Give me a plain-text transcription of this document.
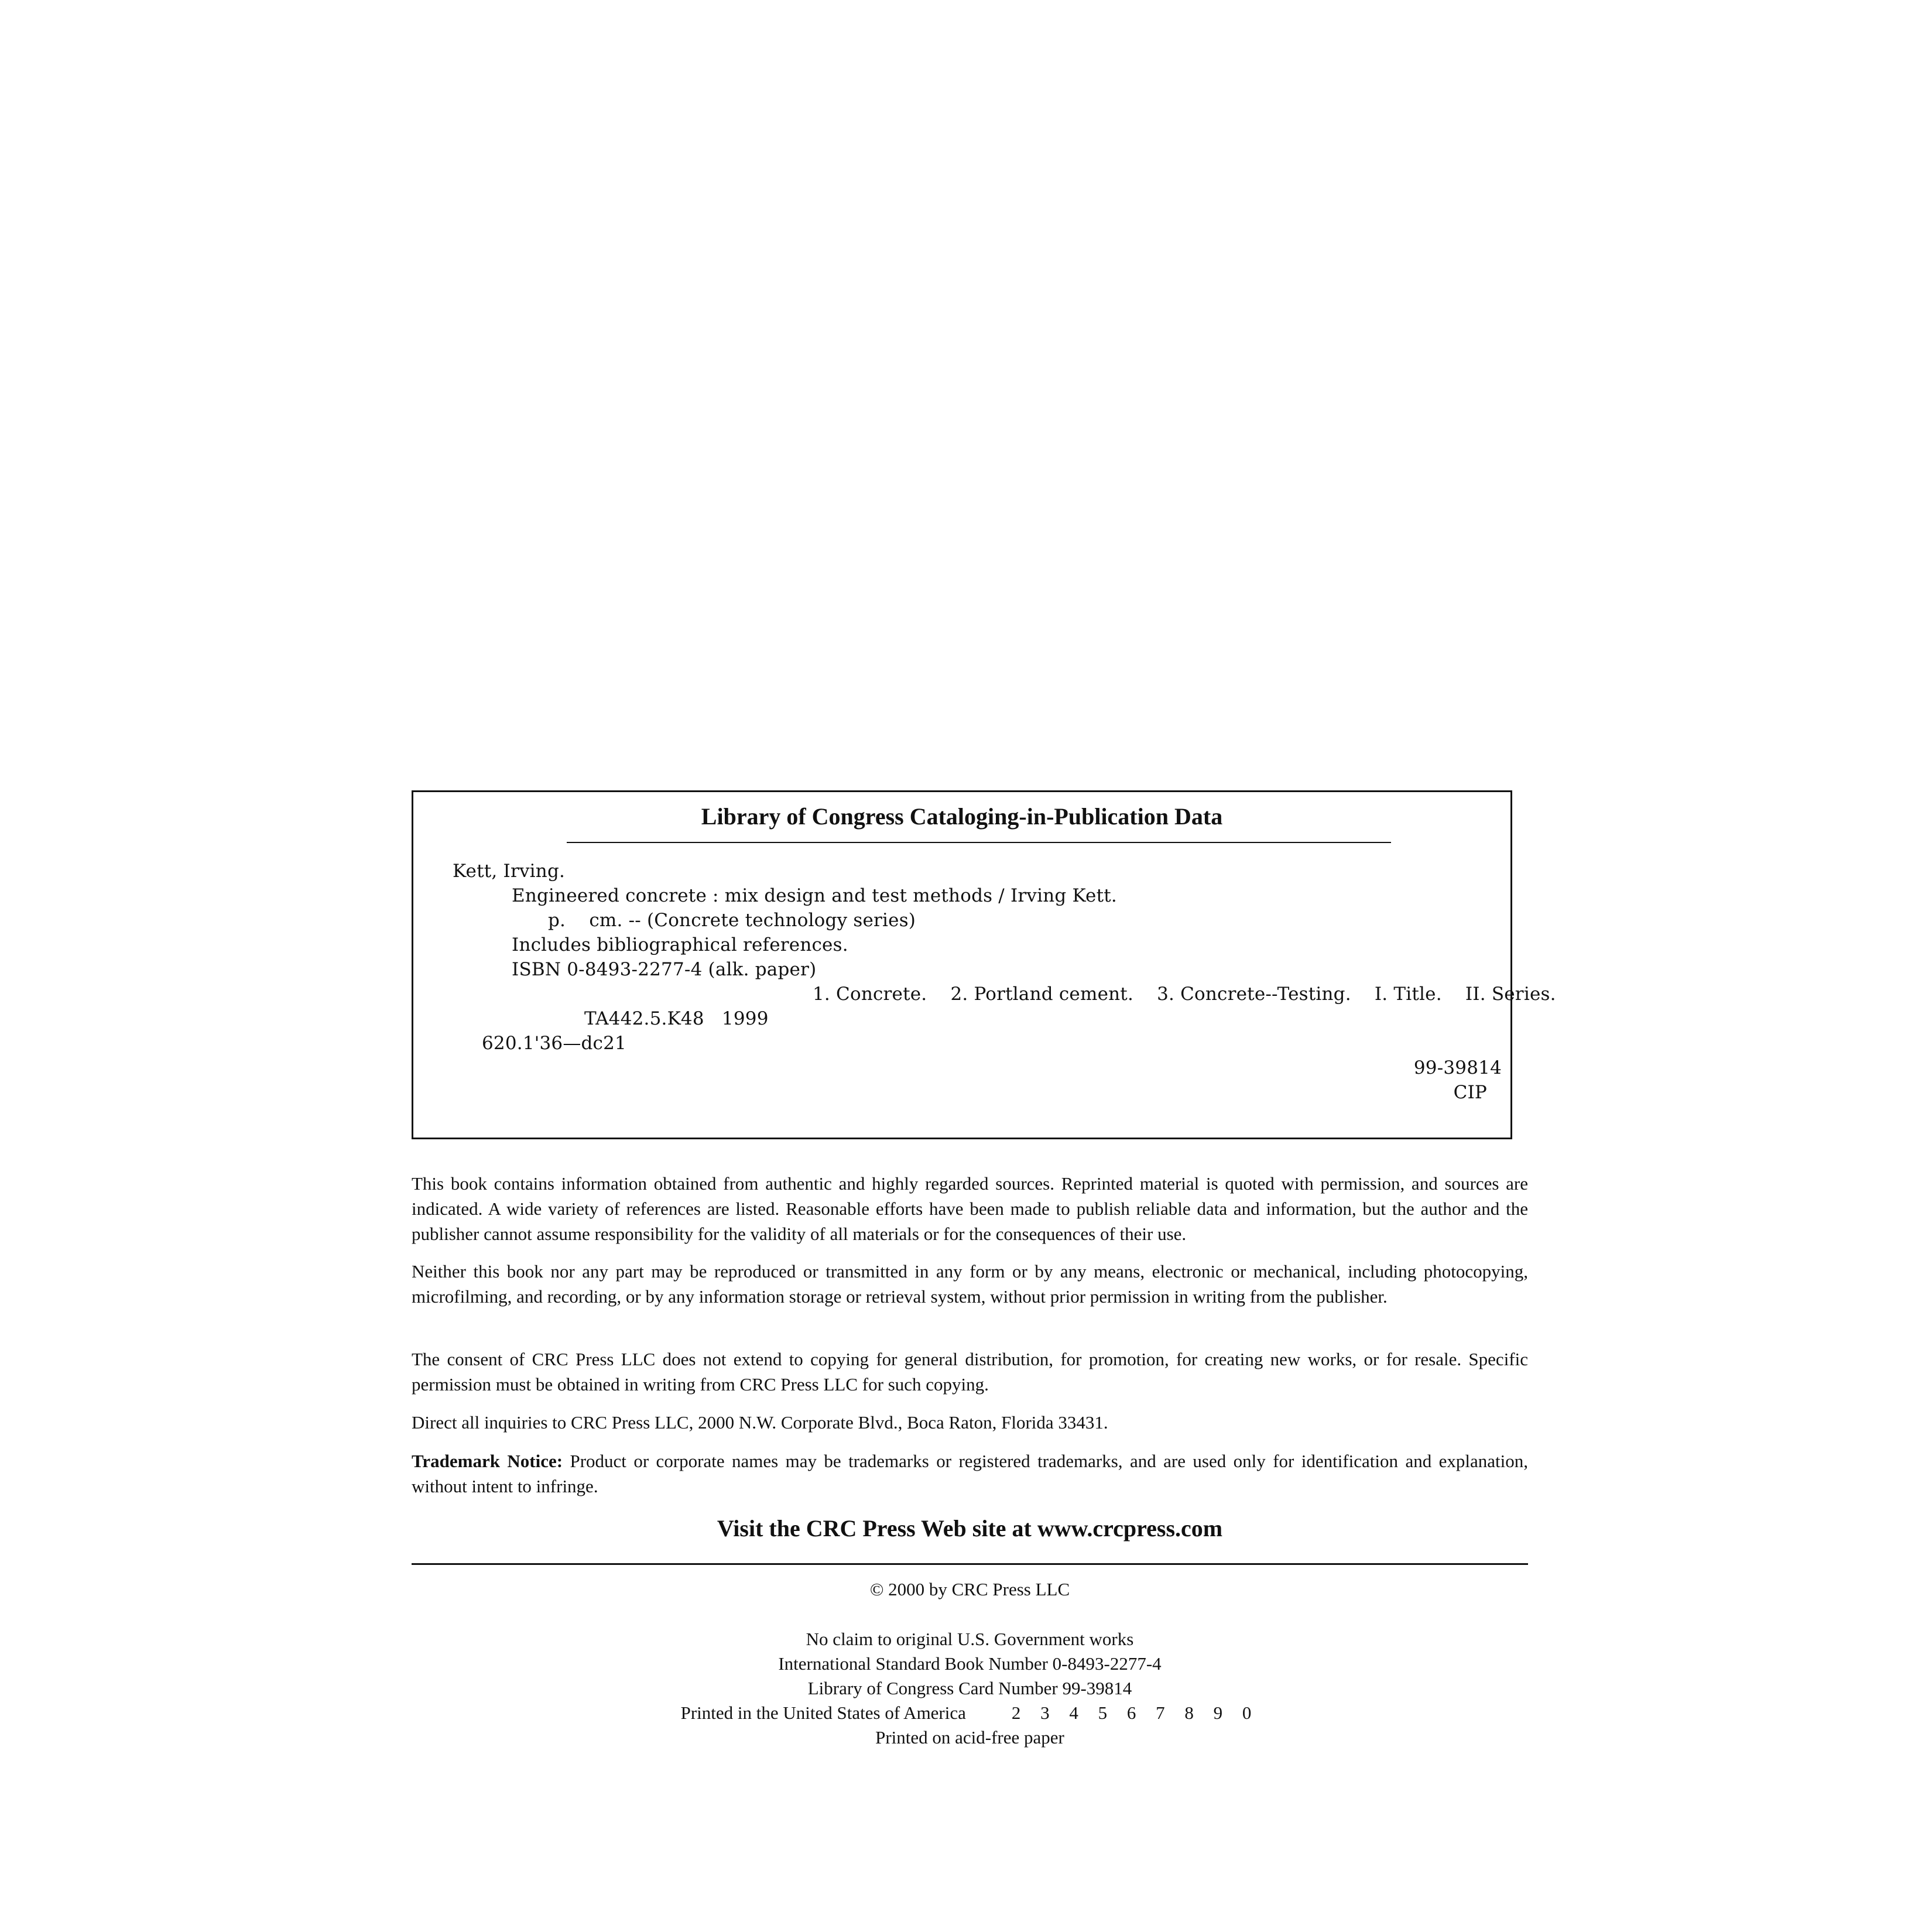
Library of Congress Cataloging-in-Publication Data
Kett, Irving.
Engineered concrete : mix design and test methods / Irving Kett.
p.    cm. -- (Concrete technology series)
Includes bibliographical references.
ISBN 0-8493-2277-4 (alk. paper)
1. Concrete. 2. Portland cement. 3. Concrete--Testing. I. Title. II. Series.
TA442.5.K48   1999
620.1'36—dc21
99-39814
CIP

This book contains information obtained from authentic and highly regarded sources. Reprinted material is quoted with permission, and sources are indicated. A wide variety of references are listed. Reasonable efforts have been made to publish reliable data and information, but the author and the publisher cannot assume responsibility for the validity of all materials or for the consequences of their use.

Neither this book nor any part may be reproduced or transmitted in any form or by any means, electronic or mechanical, including photocopying, microfilming, and recording, or by any information storage or retrieval system, without prior permission in writing from the publisher.

The consent of CRC Press LLC does not extend to copying for general distribution, for promotion, for creating new works, or for resale. Specific permission must be obtained in writing from CRC Press LLC for such copying.

Direct all inquiries to CRC Press LLC, 2000 N.W. Corporate Blvd., Boca Raton, Florida 33431.

Trademark Notice: Product or corporate names may be trademarks or registered trademarks, and are used only for identification and explanation, without intent to infringe.

Visit the CRC Press Web site at www.crcpress.com
© 2000 by CRC Press LLC
No claim to original U.S. Government works
International Standard Book Number 0-8493-2277-4
Library of Congress Card Number 99-39814
Printed in the United States of America	2 3 4 5 6 7 8 9 0
Printed on acid-free paper
